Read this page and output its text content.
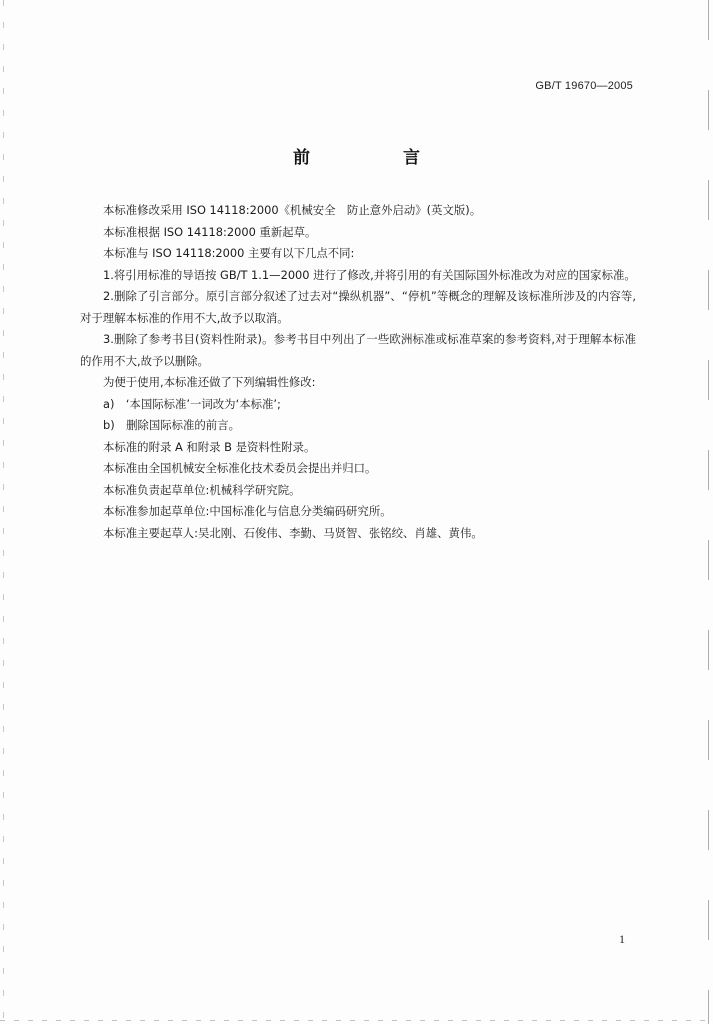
GB/T 19670—2005
前　言

本标准修改采用 ISO 14118:2000《机械安全　防止意外启动》(英文版)。

本标准根据 ISO 14118:2000 重新起草。

本标准与 ISO 14118:2000 主要有以下几点不同:

1.将引用标准的导语按 GB/T 1.1—2000 进行了修改,并将引用的有关国际国外标准改为对应的国家标准。

2.删除了引言部分。原引言部分叙述了过去对“操纵机器”、“停机”等概念的理解及该标准所涉及的内容等,对于理解本标准的作用不大,故予以取消。

3.删除了参考书目(资料性附录)。参考书目中列出了一些欧洲标准或标准草案的参考资料,对于理解本标准的作用不大,故予以删除。

为便于使用,本标准还做了下列编辑性修改:

a)　‘本国际标准’一词改为‘本标准’;

b)　删除国际标准的前言。

本标准的附录 A 和附录 B 是资料性附录。

本标准由全国机械安全标准化技术委员会提出并归口。

本标准负责起草单位:机械科学研究院。

本标准参加起草单位:中国标准化与信息分类编码研究所。

本标准主要起草人:吴北刚、石俊伟、李勤、马贤智、张铭绞、肖雄、黄伟。

1
